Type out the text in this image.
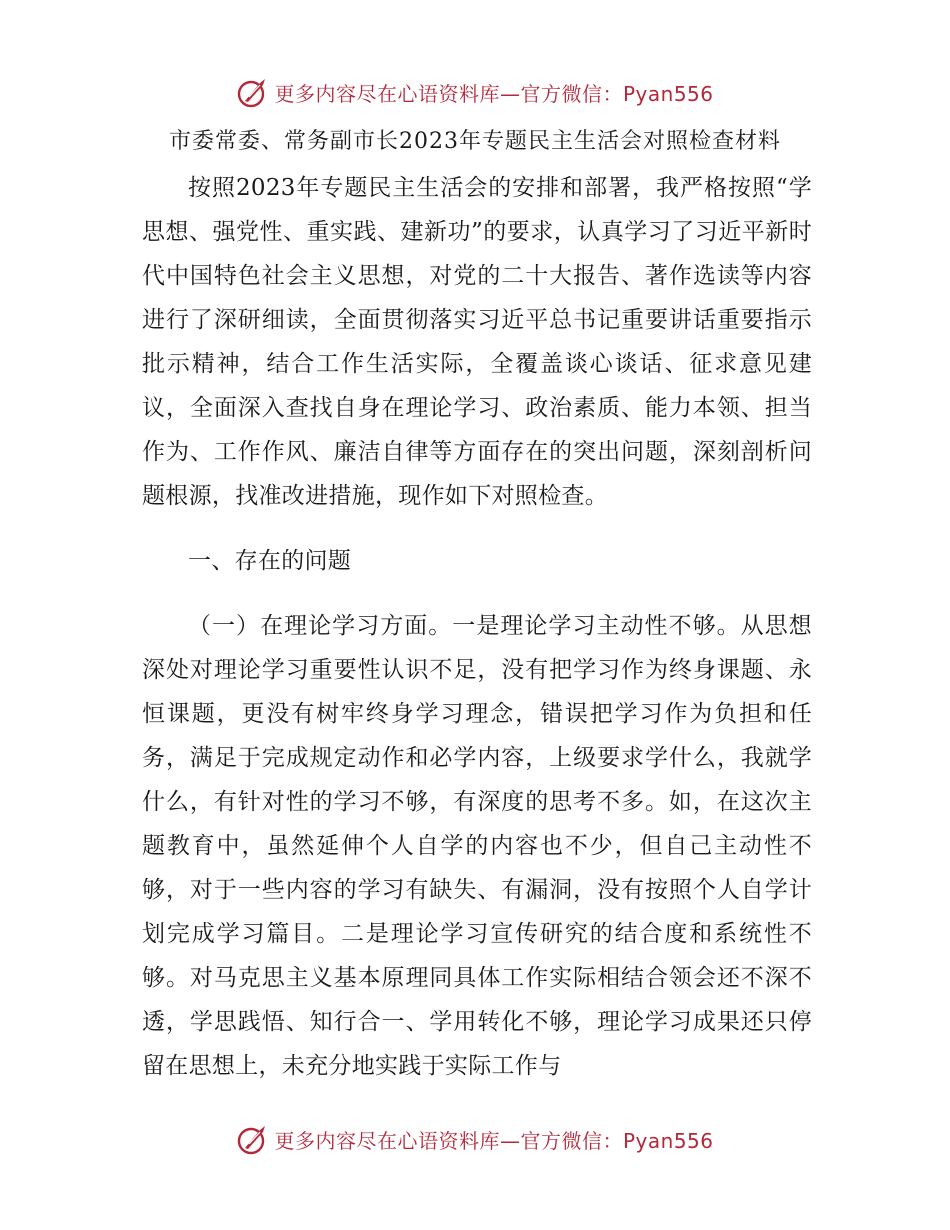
更多内容尽在心语资料库—官方微信：Pyan556
市委常委、常务副市长2023年专题民主生活会对照检查材料

按照2023年专题民主生活会的安排和部署，我严格按照“学思想、强党性、重实践、建新功”的要求，认真学习了习近平新时代中国特色社会主义思想，对党的二十大报告、著作选读等内容进行了深研细读，全面贯彻落实习近平总书记重要讲话重要指示批示精神，结合工作生活实际，全覆盖谈心谈话、征求意见建议，全面深入查找自身在理论学习、政治素质、能力本领、担当作为、工作作风、廉洁自律等方面存在的突出问题，深刻剖析问题根源，找准改进措施，现作如下对照检查。

一、存在的问题

（一）在理论学习方面。一是理论学习主动性不够。从思想深处对理论学习重要性认识不足，没有把学习作为终身课题、永恒课题，更没有树牢终身学习理念，错误把学习作为负担和任务，满足于完成规定动作和必学内容，上级要求学什么，我就学什么，有针对性的学习不够，有深度的思考不多。如，在这次主题教育中，虽然延伸个人自学的内容也不少，但自己主动性不够，对于一些内容的学习有缺失、有漏洞，没有按照个人自学计划完成学习篇目。二是理论学习宣传研究的结合度和系统性不够。对马克思主义基本原理同具体工作实际相结合领会还不深不透，学思践悟、知行合一、学用转化不够，理论学习成果还只停留在思想上，未充分地实践于实际工作与

更多内容尽在心语资料库—官方微信：Pyan556
